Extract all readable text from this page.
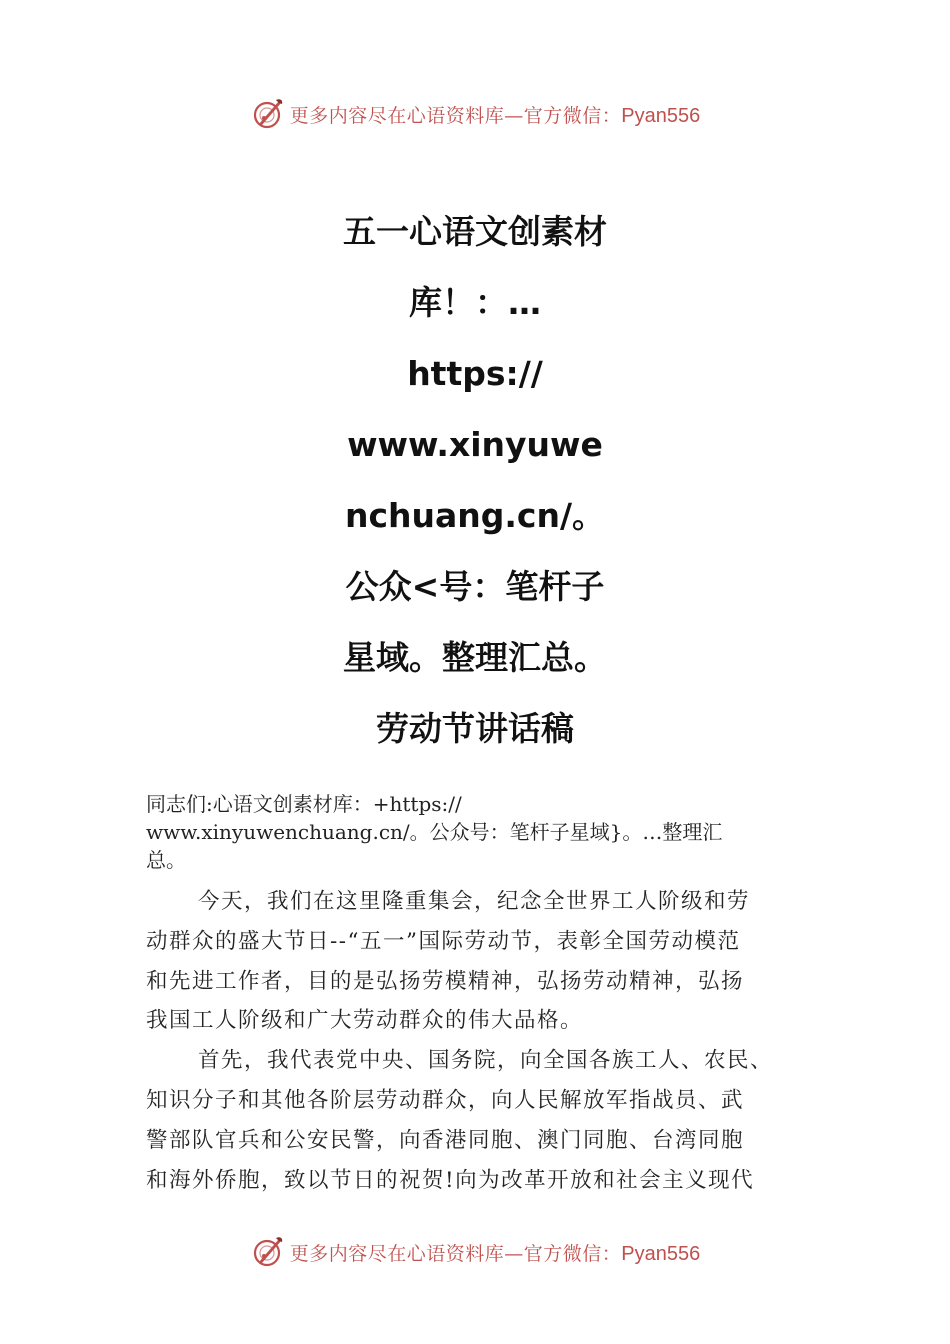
更多内容尽在心语资料库—官方微信：Pyan556
五一心语文创素材
库！：…
https://
www.xinyuwe
nchuang.cn/。
公众<号：笔杆子
星域。整理汇总。
劳动节讲话稿
同志们:心语文创素材库：+https://
www.xinyuwenchuang.cn/。公众号：笔杆子星域}。…整理汇
总。
今天，我们在这里隆重集会，纪念全世界工人阶级和劳
动群众的盛大节日--“五一”国际劳动节，表彰全国劳动模范
和先进工作者，目的是弘扬劳模精神，弘扬劳动精神，弘扬
我国工人阶级和广大劳动群众的伟大品格。
首先，我代表党中央、国务院，向全国各族工人、农民、
知识分子和其他各阶层劳动群众，向人民解放军指战员、武
警部队官兵和公安民警，向香港同胞、澳门同胞、台湾同胞
和海外侨胞，致以节日的祝贺!向为改革开放和社会主义现代
更多内容尽在心语资料库—官方微信：Pyan556
